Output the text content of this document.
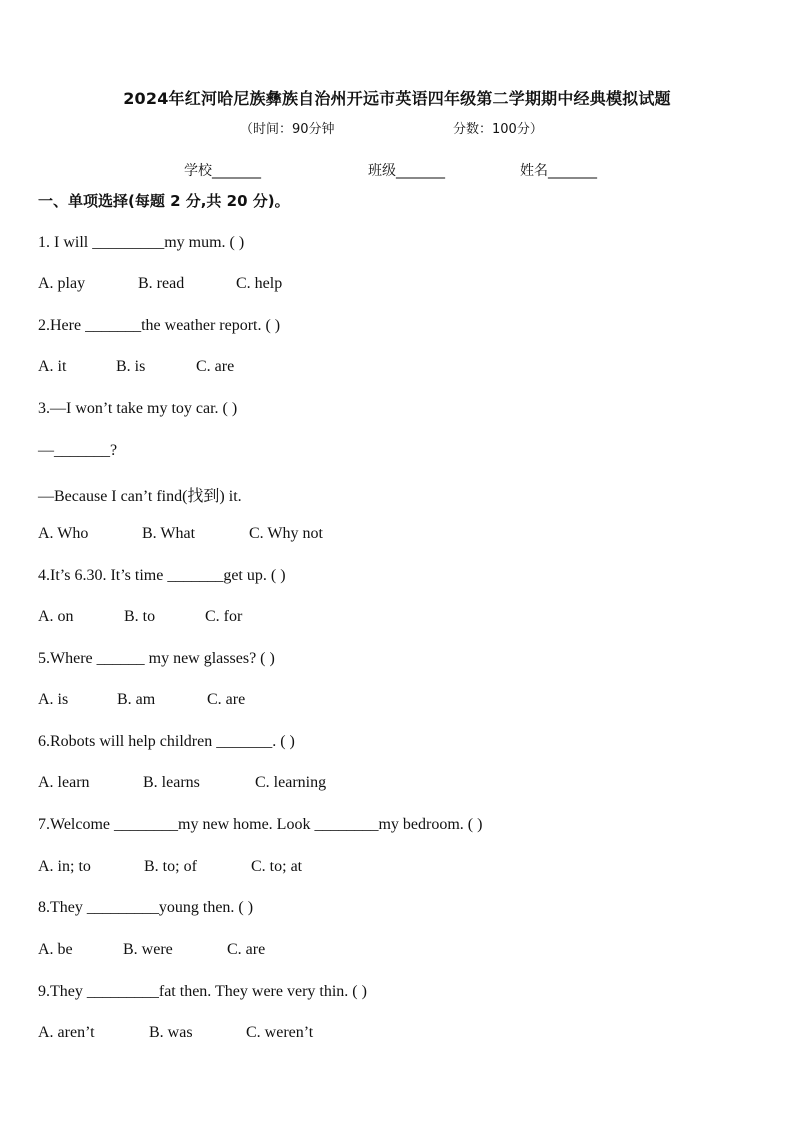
2024年红河哈尼族彝族自治州开远市英语四年级第二学期期中经典模拟试题
（时间：90分钟	分数：100分）
学校_______	班级_______	姓名_______
一、单项选择(每题 2 分,共 20 分)。
1. I will _________my mum. ( )
A. play	B. read	C. help
2.Here _______the weather report. ( )
A. it	B. is	C. are
3.—I won’t take my toy car. ( )
—_______?
—Because I can’t find(找到) it.
A. Who	B. What	C. Why not
4.It’s 6.30. It’s time _______get up. ( )
A. on	B. to	C. for
5.Where ______ my new glasses? ( )
A. is	B. am	C. are
6.Robots will help children _______. ( )
A. learn	B. learns	C. learning
7.Welcome ________my new home. Look ________my bedroom. ( )
A. in; to	B. to; of	C. to; at
8.They _________young then. ( )
A. be	B. were	C. are
9.They _________fat then. They were very thin. ( )
A. aren’t	B. was	C. weren’t
